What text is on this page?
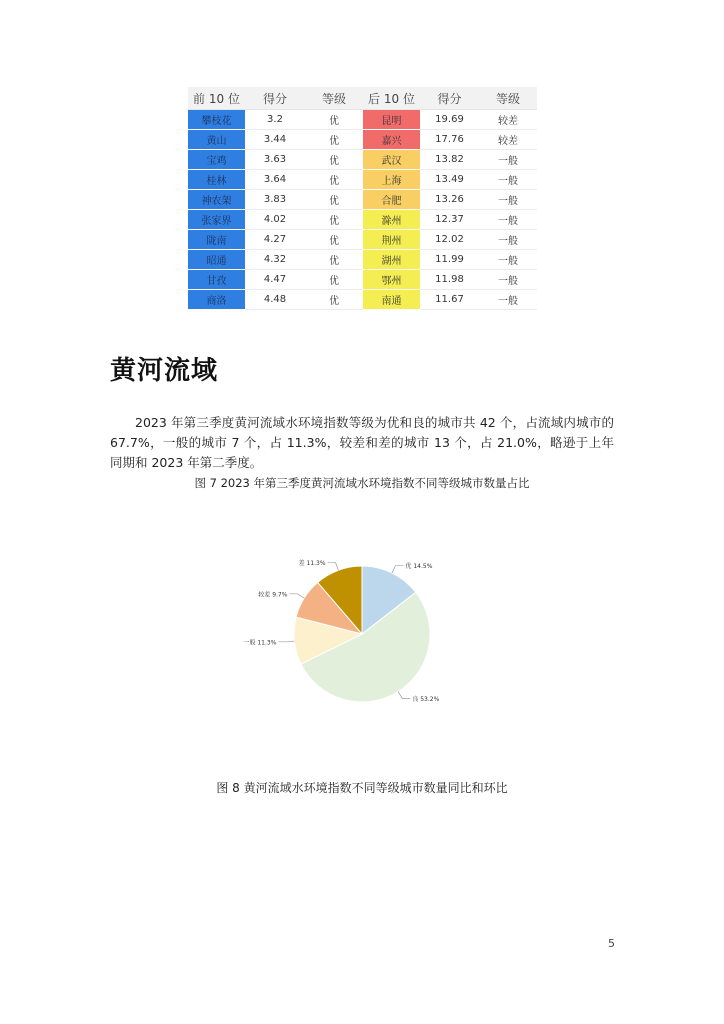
前 10 位	得分	等级	后 10 位	得分	等级
攀枝花	3.2	优	昆明	19.69	较差
黄山	3.44	优	嘉兴	17.76	较差
宝鸡	3.63	优	武汉	13.82	一般
桂林	3.64	优	上海	13.49	一般
神农架	3.83	优	合肥	13.26	一般
张家界	4.02	优	滁州	12.37	一般
陇南	4.27	优	荆州	12.02	一般
昭通	4.32	优	湖州	11.99	一般
甘孜	4.47	优	鄂州	11.98	一般
商洛	4.48	优	南通	11.67	一般
黄河流域

2023 年第三季度黄河流域水环境指数等级为优和良的城市共 42 个，占流域内城市的 67.7%，一般的城市 7 个，占 11.3%，较差和差的城市 13 个，占 21.0%，略逊于上年同期和 2023 年第二季度。

图 7 2023 年第三季度黄河流域水环境指数不同等级城市数量占比

优 14.5%
良 53.2%
一般 11.3%
较差 9.7%
差 11.3%

图 8 黄河流域水环境指数不同等级城市数量同比和环比

5
